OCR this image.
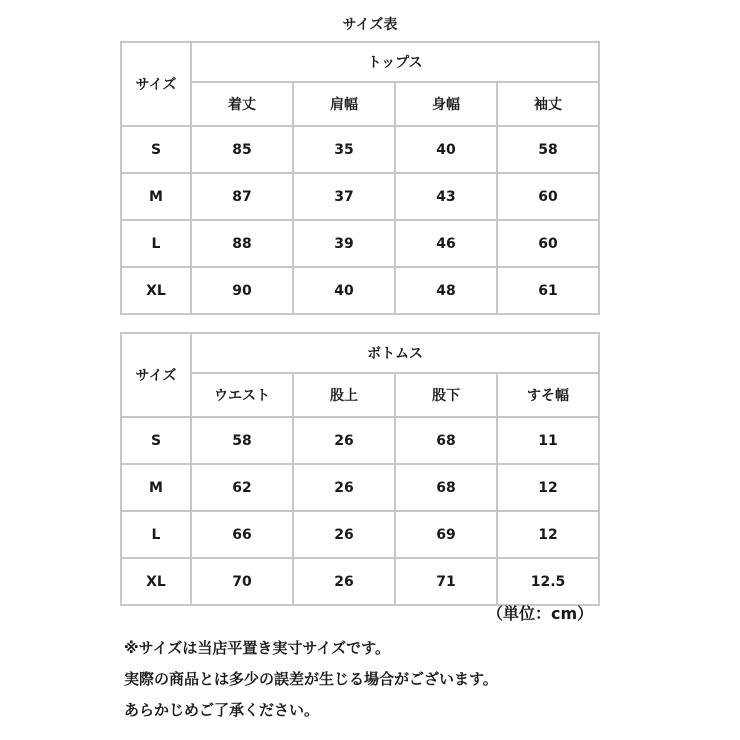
サイズ表
サイズ	トップス			
	着丈	肩幅	身幅	袖丈
S	85	35	40	58
M	87	37	43	60
L	88	39	46	60
XL	90	40	48	61
サイズ	ボトムス			
	ウエスト	股上	股下	すそ幅
S	58	26	68	11
M	62	26	68	12
L	66	26	69	12
XL	70	26	71	12.5
（単位：cm）
※サイズは当店平置き実寸サイズです。
実際の商品とは多少の誤差が生じる場合がございます。
あらかじめご了承ください。
